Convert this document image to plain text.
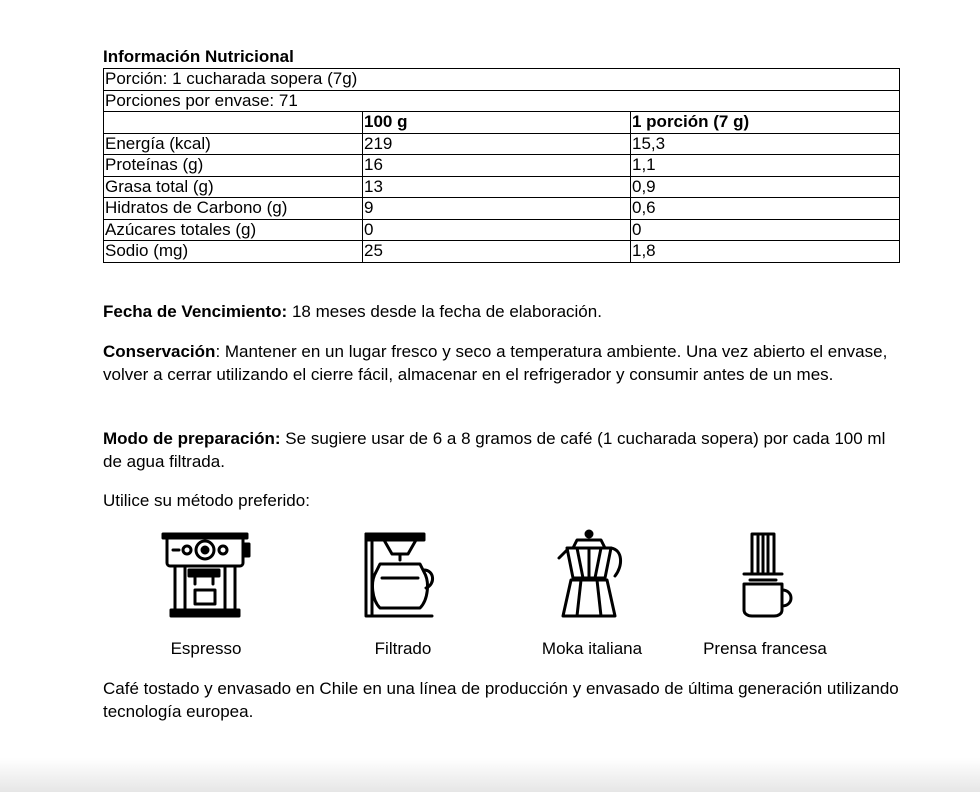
Información Nutricional
Porción: 1 cucharada sopera (7g)		
Porciones por envase: 71		
	100 g	1 porción (7 g)
Energía (kcal)	219	15,3
Proteínas (g)	16	1,1
Grasa total (g)	13	0,9
Hidratos de Carbono (g)	9	0,6
Azúcares totales (g)	0	0
Sodio (mg)	25	1,8
Fecha de Vencimiento: 18 meses desde la fecha de elaboración.
Conservación: Mantener en un lugar fresco y seco a temperatura ambiente. Una vez abierto el envase, volver a cerrar utilizando el cierre fácil, almacenar en el refrigerador y consumir antes de un mes.
Modo de preparación: Se sugiere usar de 6 a 8 gramos de café (1 cucharada sopera) por cada 100 ml de agua filtrada.
Utilice su método preferido:
Espresso	Filtrado	Moka italiana	Prensa francesa
Café tostado y envasado en Chile en una línea de producción y envasado de última generación utilizando tecnología europea.
